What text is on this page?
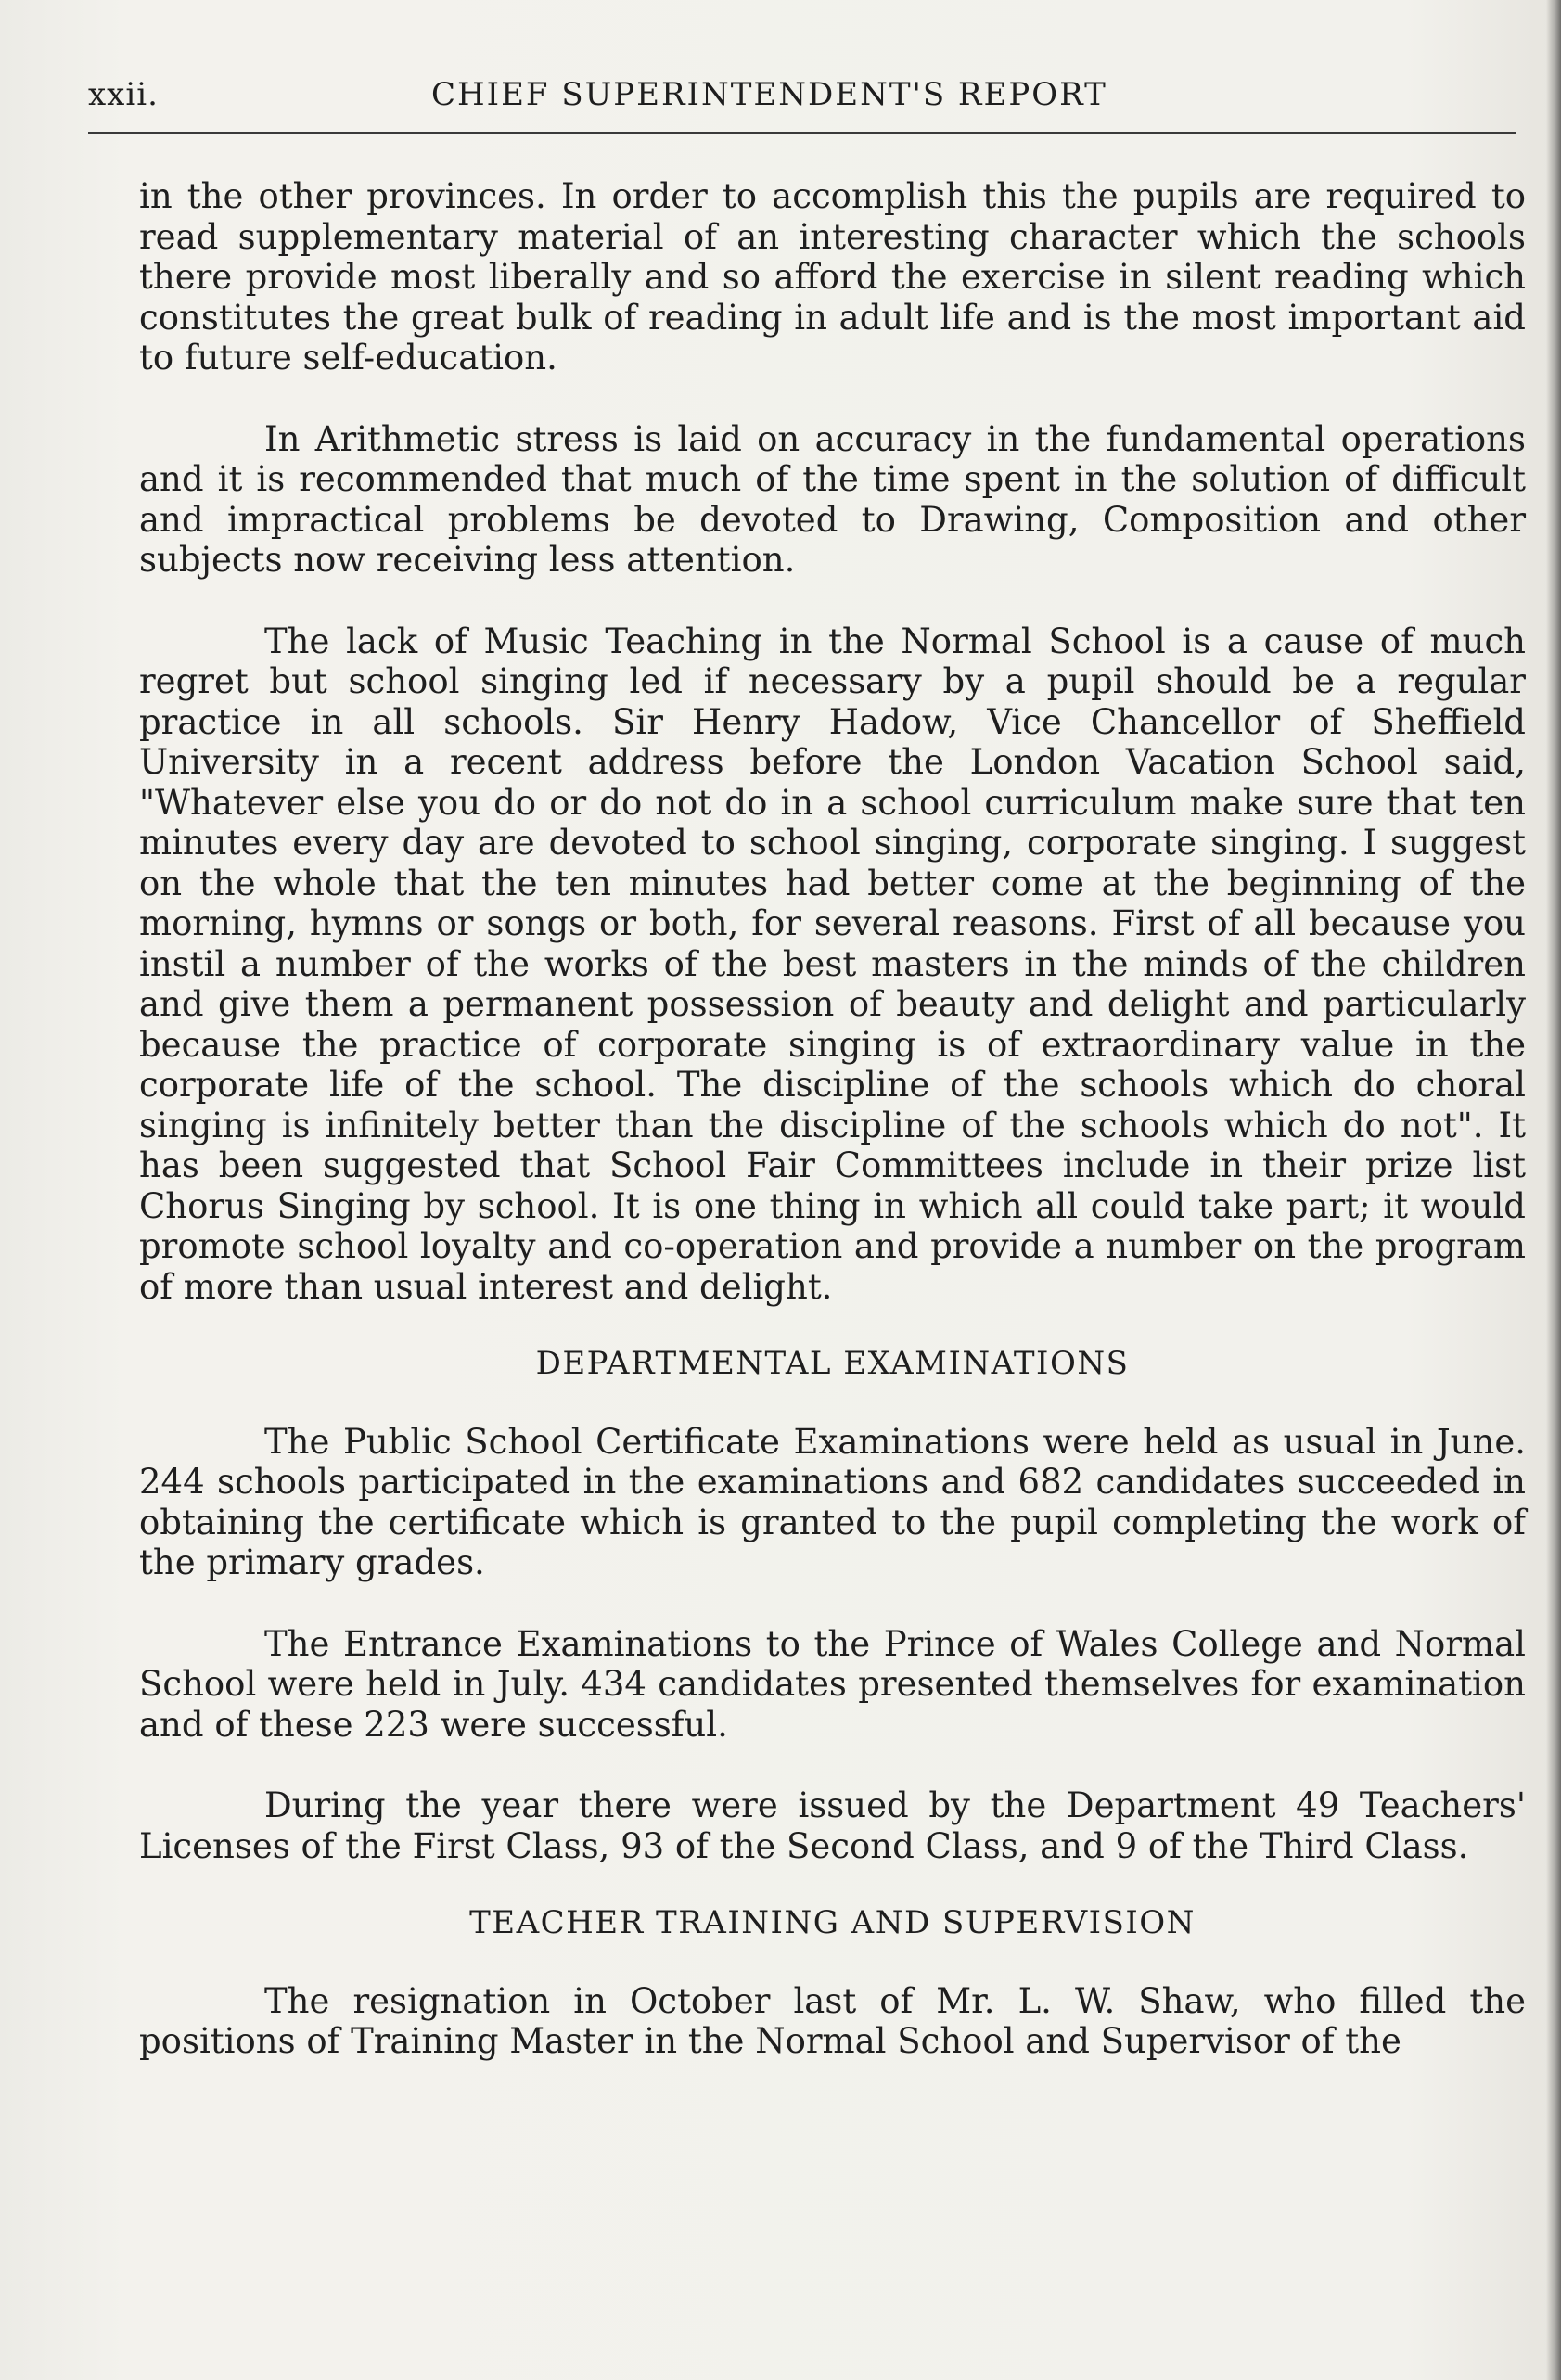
xxii.	CHIEF SUPERINTENDENT'S REPORT

in the other provinces. In order to accomplish this the pupils are required to read supplementary material of an interesting character which the schools there provide most liberally and so afford the exercise in silent reading which constitutes the great bulk of reading in adult life and is the most important aid to future self-education.

In Arithmetic stress is laid on accuracy in the fundamental operations and it is recommended that much of the time spent in the solution of difficult and impractical problems be devoted to Drawing, Composition and other subjects now receiving less attention.

The lack of Music Teaching in the Normal School is a cause of much regret but school singing led if necessary by a pupil should be a regular practice in all schools. Sir Henry Hadow, Vice Chancellor of Sheffield University in a recent address before the London Vacation School said, "Whatever else you do or do not do in a school curriculum make sure that ten minutes every day are devoted to school singing, corporate singing. I suggest on the whole that the ten minutes had better come at the beginning of the morning, hymns or songs or both, for several reasons. First of all because you instil a number of the works of the best masters in the minds of the children and give them a permanent possession of beauty and delight and particularly because the practice of corporate singing is of extraordinary value in the corporate life of the school. The discipline of the schools which do choral singing is infinitely better than the discipline of the schools which do not". It has been suggested that School Fair Committees include in their prize list Chorus Singing by school. It is one thing in which all could take part; it would promote school loyalty and co-operation and provide a number on the program of more than usual interest and delight.

DEPARTMENTAL EXAMINATIONS

The Public School Certificate Examinations were held as usual in June. 244 schools participated in the examinations and 682 candidates succeeded in obtaining the certificate which is granted to the pupil completing the work of the primary grades.

The Entrance Examinations to the Prince of Wales College and Normal School were held in July. 434 candidates presented themselves for examination and of these 223 were successful.

During the year there were issued by the Department 49 Teachers' Licenses of the First Class, 93 of the Second Class, and 9 of the Third Class.

TEACHER TRAINING AND SUPERVISION

The resignation in October last of Mr. L. W. Shaw, who filled the positions of Training Master in the Normal School and Supervisor of the
